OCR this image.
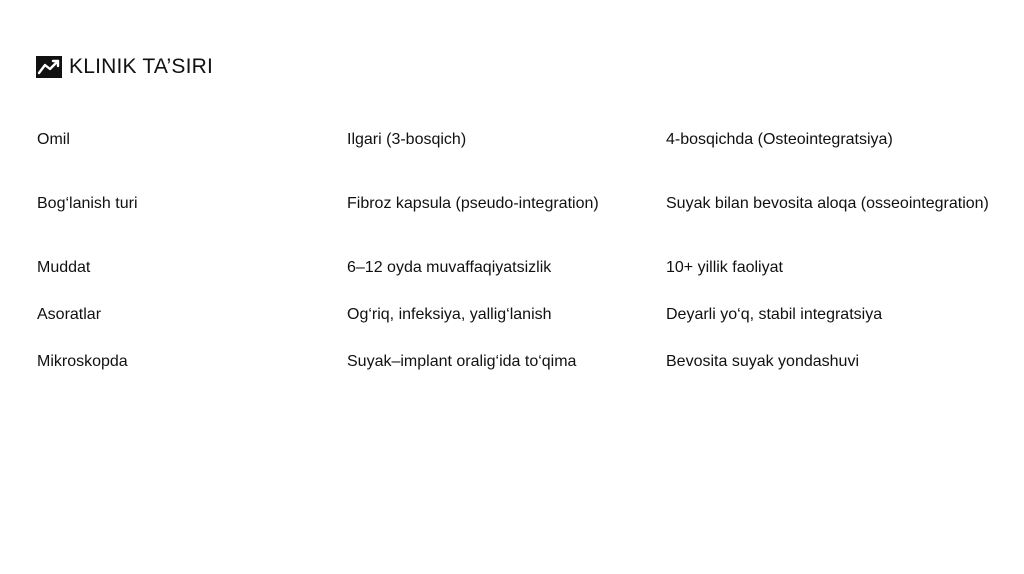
KLINIK TA’SIRI
Omil	Ilgari (3-bosqich)	4-bosqichda (Osteointegratsiya)
Bog‘lanish turi	Fibroz kapsula (pseudo-integration)	Suyak bilan bevosita aloqa (osseointegration)
Muddat	6–12 oyda muvaffaqiyatsizlik	10+ yillik faoliyat
Asoratlar	Og‘riq, infeksiya, yallig‘lanish	Deyarli yo‘q, stabil integratsiya
Mikroskopda	Suyak–implant oralig‘ida to‘qima	Bevosita suyak yondashuvi
